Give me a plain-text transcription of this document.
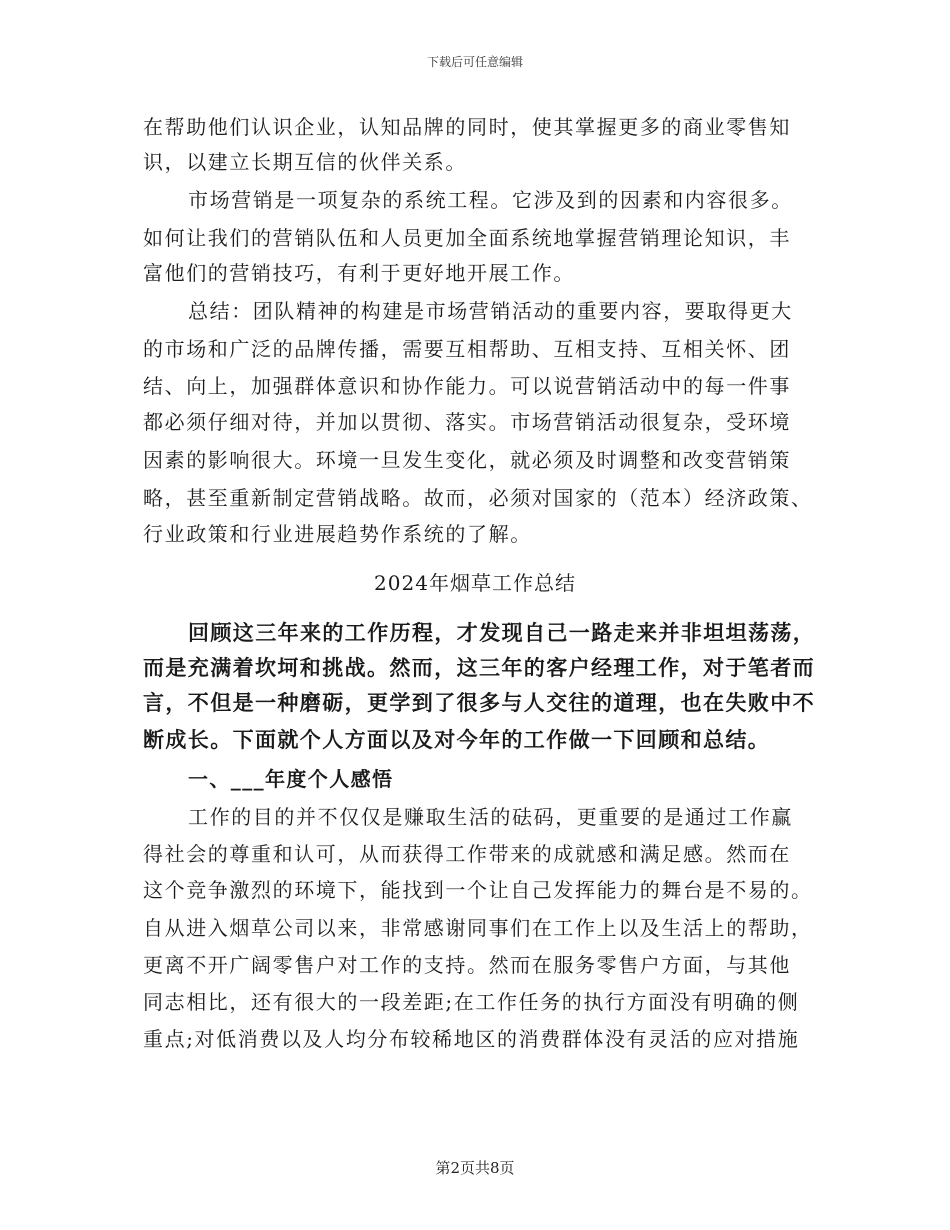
下载后可任意编辑
在帮助他们认识企业，认知品牌的同时，使其掌握更多的商业零售知
识，以建立长期互信的伙伴关系。
市场营销是一项复杂的系统工程。它涉及到的因素和内容很多。
如何让我们的营销队伍和人员更加全面系统地掌握营销理论知识，丰
富他们的营销技巧，有利于更好地开展工作。
总结：团队精神的构建是市场营销活动的重要内容，要取得更大
的市场和广泛的品牌传播，需要互相帮助、互相支持、互相关怀、团
结、向上，加强群体意识和协作能力。可以说营销活动中的每一件事
都必须仔细对待，并加以贯彻、落实。市场营销活动很复杂，受环境
因素的影响很大。环境一旦发生变化，就必须及时调整和改变营销策
略，甚至重新制定营销战略。故而，必须对国家的（范本）经济政策、
行业政策和行业进展趋势作系统的了解。
2024年烟草工作总结
回顾这三年来的工作历程，才发现自己一路走来并非坦坦荡荡，
而是充满着坎坷和挑战。然而，这三年的客户经理工作，对于笔者而
言，不但是一种磨砺，更学到了很多与人交往的道理，也在失败中不
断成长。下面就个人方面以及对今年的工作做一下回顾和总结。
一、___年度个人感悟
工作的目的并不仅仅是赚取生活的砝码，更重要的是通过工作赢
得社会的尊重和认可，从而获得工作带来的成就感和满足感。然而在
这个竞争激烈的环境下，能找到一个让自己发挥能力的舞台是不易的。
自从进入烟草公司以来，非常感谢同事们在工作上以及生活上的帮助，
更离不开广阔零售户对工作的支持。然而在服务零售户方面，与其他
同志相比，还有很大的一段差距;在工作任务的执行方面没有明确的侧
重点;对低消费以及人均分布较稀地区的消费群体没有灵活的应对措施
第2页共8页
